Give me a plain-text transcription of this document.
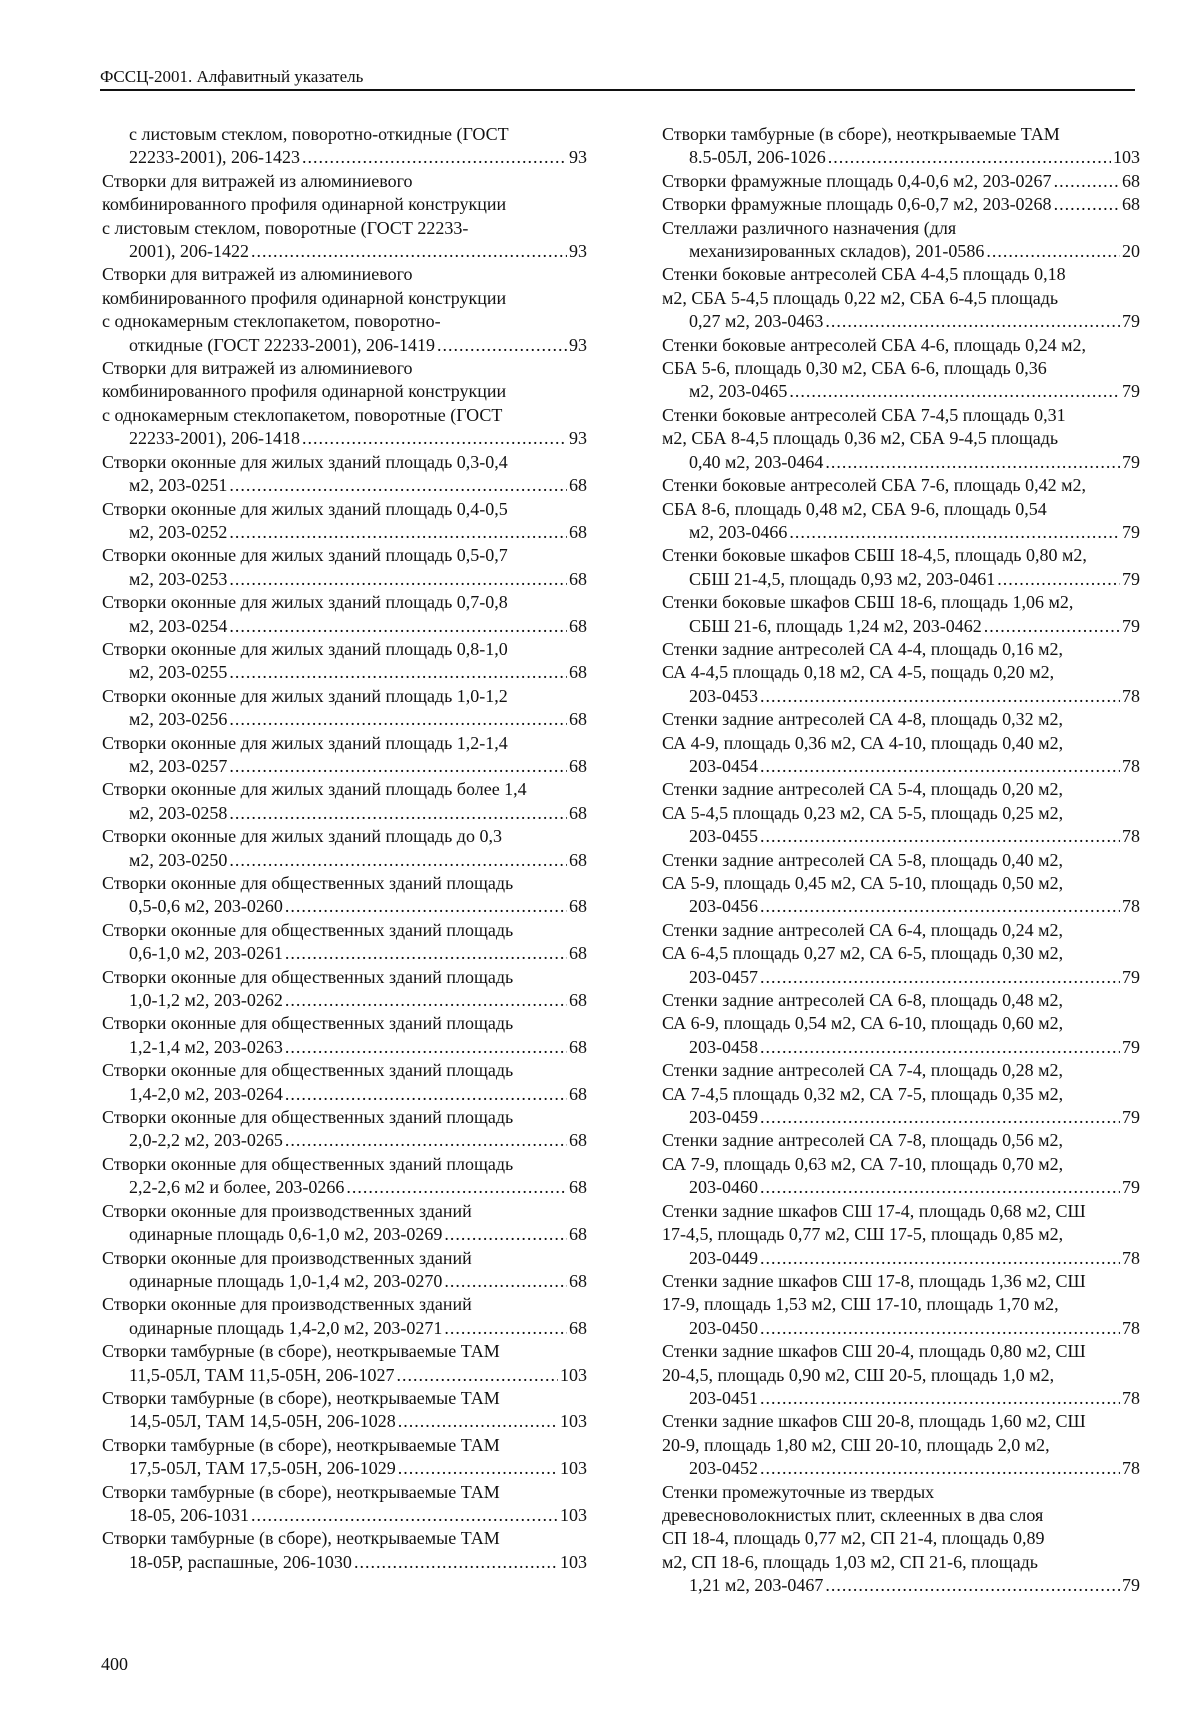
ФССЦ-2001. Алфавитный указатель
с листовым стеклом, поворотно-откидные (ГОСТ
22233-2001), 206-1423 .....	93
Створки для витражей из алюминиевого
комбинированного профиля одинарной конструкции
с листовым стеклом, поворотные (ГОСТ 22233-
2001), 206-1422 .....	93
Створки для витражей из алюминиевого
комбинированного профиля одинарной конструкции
с однокамерным стеклопакетом, поворотно-
откидные (ГОСТ 22233-2001), 206-1419 .....	93
Створки для витражей из алюминиевого
комбинированного профиля одинарной конструкции
с однокамерным стеклопакетом, поворотные (ГОСТ
22233-2001), 206-1418 .....	93
Створки оконные для жилых зданий площадь 0,3-0,4
м2, 203-0251 .....	68
Створки оконные для жилых зданий площадь 0,4-0,5
м2, 203-0252 .....	68
Створки оконные для жилых зданий площадь 0,5-0,7
м2, 203-0253 .....	68
Створки оконные для жилых зданий площадь 0,7-0,8
м2, 203-0254 .....	68
Створки оконные для жилых зданий площадь 0,8-1,0
м2, 203-0255 .....	68
Створки оконные для жилых зданий площадь 1,0-1,2
м2, 203-0256 .....	68
Створки оконные для жилых зданий площадь 1,2-1,4
м2, 203-0257 .....	68
Створки оконные для жилых зданий площадь более 1,4
м2, 203-0258 .....	68
Створки оконные для жилых зданий площадь до 0,3
м2, 203-0250 .....	68
Створки оконные для общественных зданий площадь
0,5-0,6 м2, 203-0260 .....	68
Створки оконные для общественных зданий площадь
0,6-1,0 м2, 203-0261 .....	68
Створки оконные для общественных зданий площадь
1,0-1,2 м2, 203-0262 .....	68
Створки оконные для общественных зданий площадь
1,2-1,4 м2, 203-0263 .....	68
Створки оконные для общественных зданий площадь
1,4-2,0 м2, 203-0264 .....	68
Створки оконные для общественных зданий площадь
2,0-2,2 м2, 203-0265 .....	68
Створки оконные для общественных зданий площадь
2,2-2,6 м2 и более, 203-0266 .....	68
Створки оконные для производственных зданий
одинарные площадь 0,6-1,0 м2, 203-0269 .....	68
Створки оконные для производственных зданий
одинарные площадь 1,0-1,4 м2, 203-0270 .....	68
Створки оконные для производственных зданий
одинарные площадь 1,4-2,0 м2, 203-0271 .....	68
Створки тамбурные (в сборе), неоткрываемые ТАМ
11,5-05Л, ТАМ 11,5-05Н, 206-1027 .....	103
Створки тамбурные (в сборе), неоткрываемые ТАМ
14,5-05Л, ТАМ 14,5-05Н, 206-1028 .....	103
Створки тамбурные (в сборе), неоткрываемые ТАМ
17,5-05Л, ТАМ 17,5-05Н, 206-1029 .....	103
Створки тамбурные (в сборе), неоткрываемые ТАМ
18-05, 206-1031 .....	103
Створки тамбурные (в сборе), неоткрываемые ТАМ
18-05Р, распашные, 206-1030 .....	103
Створки тамбурные (в сборе), неоткрываемые ТАМ
8.5-05Л, 206-1026 .....	103
Створки фрамужные площадь 0,4-0,6 м2, 203-0267 .....	68
Створки фрамужные площадь 0,6-0,7 м2, 203-0268 .....	68
Стеллажи различного назначения (для
механизированных складов), 201-0586 .....	20
Стенки боковые антресолей СБА 4-4,5 площадь 0,18
м2, СБА 5-4,5 площадь 0,22 м2, СБА 6-4,5 площадь
0,27 м2, 203-0463 .....	79
Стенки боковые антресолей СБА 4-6, площадь 0,24 м2,
СБА 5-6, площадь 0,30 м2, СБА 6-6, площадь 0,36
м2, 203-0465 .....	79
Стенки боковые антресолей СБА 7-4,5 площадь 0,31
м2, СБА 8-4,5 площадь 0,36 м2, СБА 9-4,5 площадь
0,40 м2, 203-0464 .....	79
Стенки боковые антресолей СБА 7-6, площадь 0,42 м2,
СБА 8-6, площадь 0,48 м2, СБА 9-6, площадь 0,54
м2, 203-0466 .....	79
Стенки боковые шкафов СБШ 18-4,5, площадь 0,80 м2,
СБШ 21-4,5, площадь 0,93 м2, 203-0461 .....	79
Стенки боковые шкафов СБШ 18-6, площадь 1,06 м2,
СБШ 21-6, площадь 1,24 м2, 203-0462 .....	79
Стенки задние антресолей СА 4-4, площадь 0,16 м2,
СА 4-4,5 площадь 0,18 м2, СА 4-5, пощадь 0,20 м2,
203-0453 .....	78
Стенки задние антресолей СА 4-8, площадь 0,32 м2,
СА 4-9, площадь 0,36 м2, СА 4-10, площадь 0,40 м2,
203-0454 .....	78
Стенки задние антресолей СА 5-4, площадь 0,20 м2,
СА 5-4,5 площадь 0,23 м2, СА 5-5, площадь 0,25 м2,
203-0455 .....	78
Стенки задние антресолей СА 5-8, площадь 0,40 м2,
СА 5-9, площадь 0,45 м2, СА 5-10, площадь 0,50 м2,
203-0456 .....	78
Стенки задние антресолей СА 6-4, площадь 0,24 м2,
СА 6-4,5 площадь 0,27 м2, СА 6-5, площадь 0,30 м2,
203-0457 .....	79
Стенки задние антресолей СА 6-8, площадь 0,48 м2,
СА 6-9, площадь 0,54 м2, СА 6-10, площадь 0,60 м2,
203-0458 .....	79
Стенки задние антресолей СА 7-4, площадь 0,28 м2,
СА 7-4,5 площадь 0,32 м2, СА 7-5, площадь 0,35 м2,
203-0459 .....	79
Стенки задние антресолей СА 7-8, площадь 0,56 м2,
СА 7-9, площадь 0,63 м2, СА 7-10, площадь 0,70 м2,
203-0460 .....	79
Стенки задние шкафов СШ 17-4, площадь 0,68 м2, СШ
17-4,5, площадь 0,77 м2, СШ 17-5, площадь 0,85 м2,
203-0449 .....	78
Стенки задние шкафов СШ 17-8, площадь 1,36 м2, СШ
17-9, площадь 1,53 м2, СШ 17-10, площадь 1,70 м2,
203-0450 .....	78
Стенки задние шкафов СШ 20-4, площадь 0,80 м2, СШ
20-4,5, площадь 0,90 м2, СШ 20-5, площадь 1,0 м2,
203-0451 .....	78
Стенки задние шкафов СШ 20-8, площадь 1,60 м2, СШ
20-9, площадь 1,80 м2, СШ 20-10, площадь 2,0 м2,
203-0452 .....	78
Стенки промежуточные из твердых
древесноволокнистых плит, склеенных в два слоя
СП 18-4, площадь 0,77 м2, СП 21-4, площадь 0,89
м2, СП 18-6, площадь 1,03 м2, СП 21-6, площадь
1,21 м2, 203-0467 .....	79
400
